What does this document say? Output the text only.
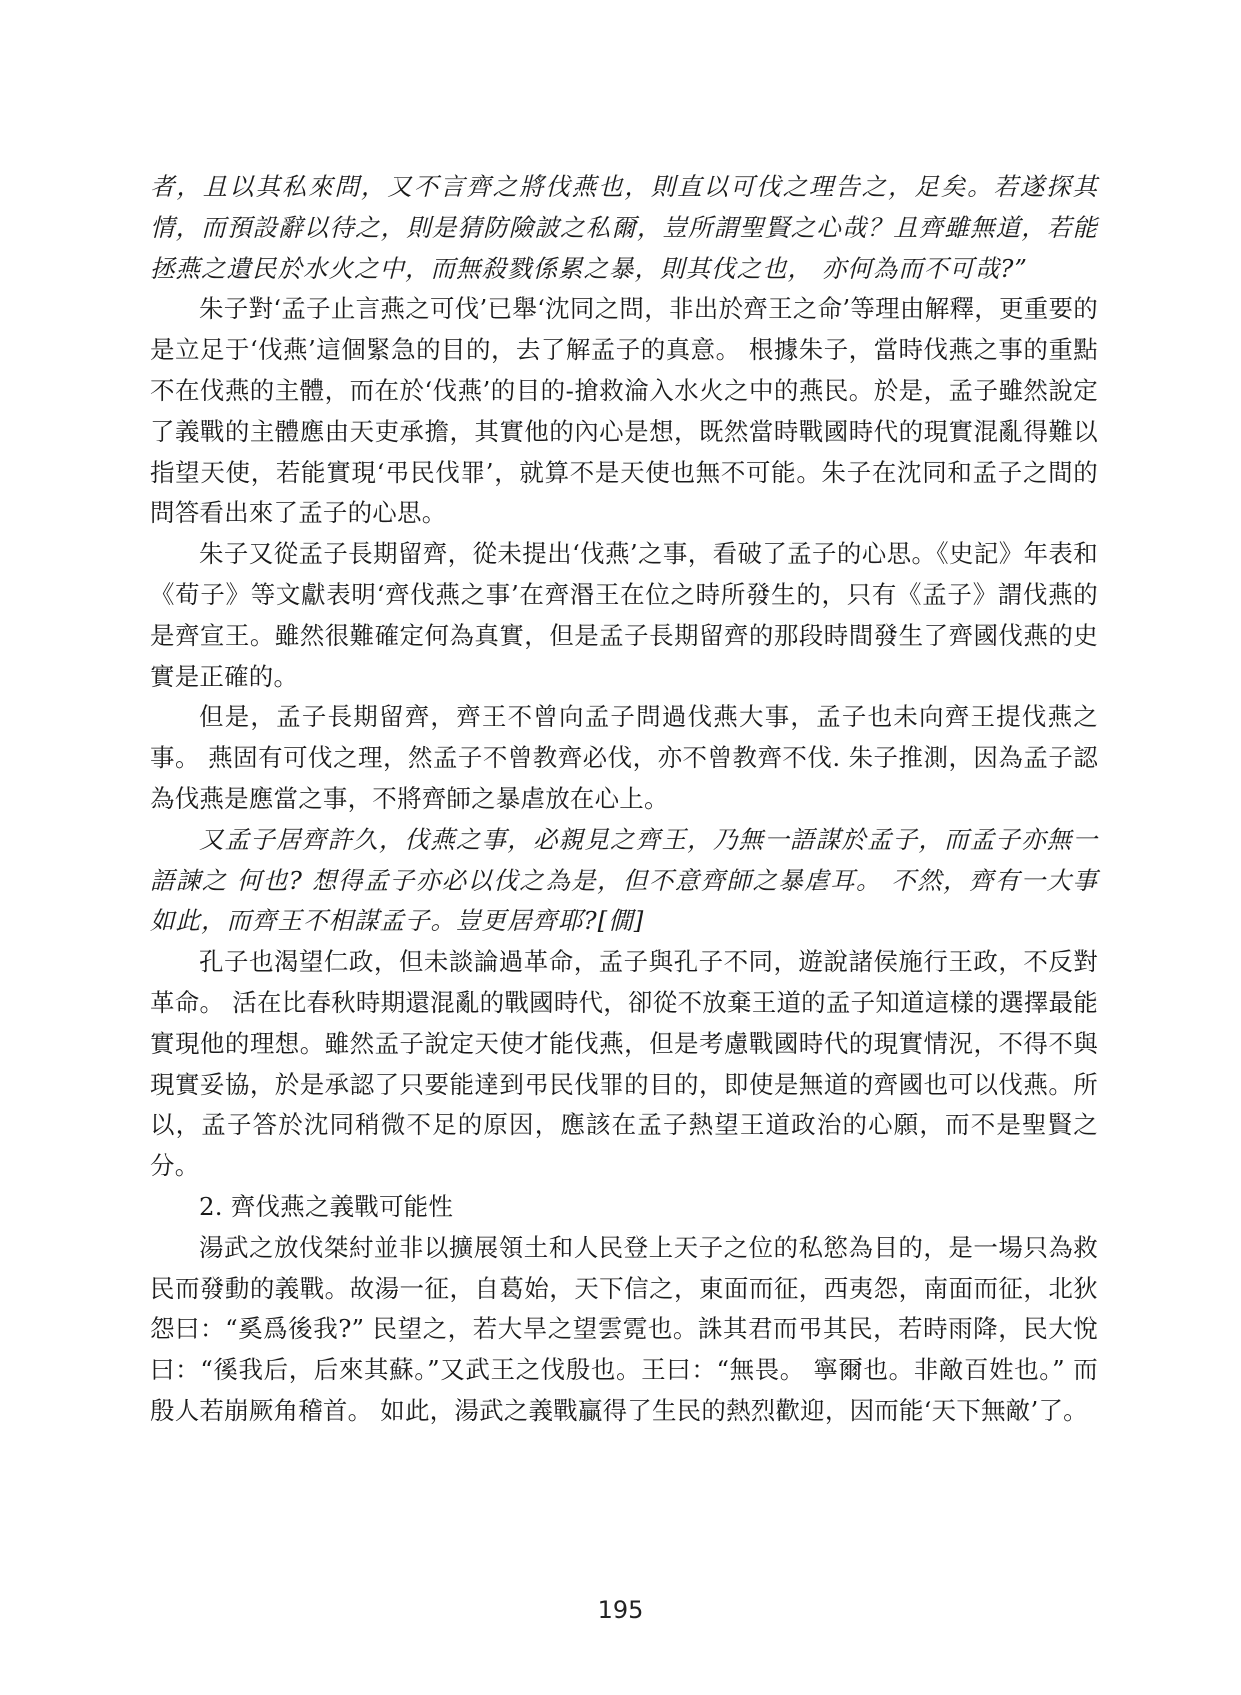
者，且以其私來問，又不言齊之將伐燕也，則直以可伐之理告之，足矣。若遂探其情，而預設辭以待之，則是猜防險詖之私爾，豈所謂聖賢之心哉？且齊雖無道，若能拯燕之遺民於水火之中，而無殺戮係累之暴，則其伐之也， 亦何為而不可哉?”

朱子對‘孟子止言燕之可伐’已舉‘沈同之問，非出於齊王之命’等理由解釋，更重要的是立足于‘伐燕’這個緊急的目的，去了解孟子的真意。 根據朱子，當時伐燕之事的重點不在伐燕的主體，而在於‘伐燕’的目的-搶救淪入水火之中的燕民。於是，孟子雖然說定了義戰的主體應由天吏承擔，其實他的內心是想，既然當時戰國時代的現實混亂得難以指望天使，若能實現‘弔民伐罪’，就算不是天使也無不可能。朱子在沈同和孟子之間的問答看出來了孟子的心思。

朱子又從孟子長期留齊，從未提出‘伐燕’之事，看破了孟子的心思。《史記》年表和《荀子》等文獻表明‘齊伐燕之事’在齊湣王在位之時所發生的，只有《孟子》謂伐燕的是齊宣王。雖然很難確定何為真實，但是孟子長期留齊的那段時間發生了齊國伐燕的史實是正確的。

但是，孟子長期留齊，齊王不曾向孟子問過伐燕大事，孟子也未向齊王提伐燕之事。 燕固有可伐之理，然孟子不曾教齊必伐，亦不曾教齊不伐. 朱子推測，因為孟子認為伐燕是應當之事，不將齊師之暴虐放在心上。

又孟子居齊許久，伐燕之事，必親見之齊王，乃無一語謀於孟子，而孟子亦無一語諫之 何也? 想得孟子亦必以伐之為是，但不意齊師之暴虐耳。 不然，齊有一大事如此，而齊王不相謀孟子。豈更居齊耶?[僩]

孔子也渴望仁政，但未談論過革命，孟子與孔子不同，遊說諸侯施行王政，不反對革命。 活在比春秋時期還混亂的戰國時代，卻從不放棄王道的孟子知道這樣的選擇最能實現他的理想。雖然孟子說定天使才能伐燕，但是考慮戰國時代的現實情況，不得不與現實妥協，於是承認了只要能達到弔民伐罪的目的，即使是無道的齊國也可以伐燕。所以，孟子答於沈同稍微不足的原因，應該在孟子熱望王道政治的心願，而不是聖賢之分。

2. 齊伐燕之義戰可能性

湯武之放伐桀紂並非以擴展領土和人民登上天子之位的私慾為目的，是一場只為救民而發動的義戰。故湯一征，自葛始，天下信之，東面而征，西夷怨，南面而征，北狄怨曰：“奚爲後我?” 民望之，若大旱之望雲霓也。誅其君而弔其民，若時雨降，民大悅曰：“徯我后，后來其蘇。”又武王之伐殷也。王曰：“無畏。 寧爾也。非敵百姓也。” 而殷人若崩厥角稽首。 如此，湯武之義戰贏得了生民的熱烈歡迎，因而能‘天下無敵’了。

195
